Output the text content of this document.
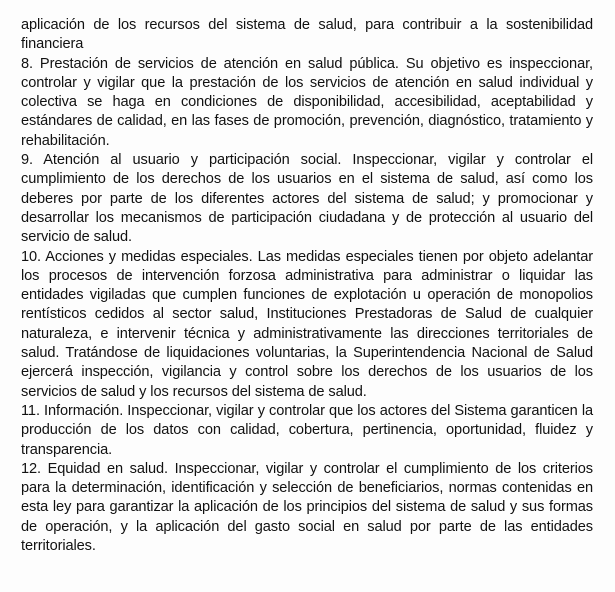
aplicación de los recursos del sistema de salud, para contribuir a la sostenibilidad financiera

8. Prestación de servicios de atención en salud pública. Su objetivo es inspeccionar, controlar y vigilar que la prestación de los servicios de atención en salud individual y colectiva se haga en condiciones de disponibilidad, accesibilidad, aceptabilidad y estándares de calidad, en las fases de promoción, prevención, diagnóstico, tratamiento y rehabilitación.

9. Atención al usuario y participación social. Inspeccionar, vigilar y controlar el cumplimiento de los derechos de los usuarios en el sistema de salud, así como los deberes por parte de los diferentes actores del sistema de salud; y promocionar y desarrollar los mecanismos de participación ciudadana y de protección al usuario del servicio de salud.

10. Acciones y medidas especiales. Las medidas especiales tienen por objeto adelantar los procesos de intervención forzosa administrativa para administrar o liquidar las entidades vigiladas que cumplen funciones de explotación u operación de monopolios rentísticos cedidos al sector salud, Instituciones Prestadoras de Salud de cualquier naturaleza, e intervenir técnica y administrativamente las direcciones territoriales de salud. Tratándose de liquidaciones voluntarias, la Superintendencia Nacional de Salud ejercerá inspección, vigilancia y control sobre los derechos de los usuarios de los servicios de salud y los recursos del sistema de salud.

11. Información. Inspeccionar, vigilar y controlar que los actores del Sistema garanticen la producción de los datos con calidad, cobertura, pertinencia, oportunidad, fluidez y transparencia.

12. Equidad en salud. Inspeccionar, vigilar y controlar el cumplimiento de los criterios para la determinación, identificación y selección de beneficiarios, normas contenidas en esta ley para garantizar la aplicación de los principios del sistema de salud y sus formas de operación, y la aplicación del gasto social en salud por parte de las entidades territoriales.
